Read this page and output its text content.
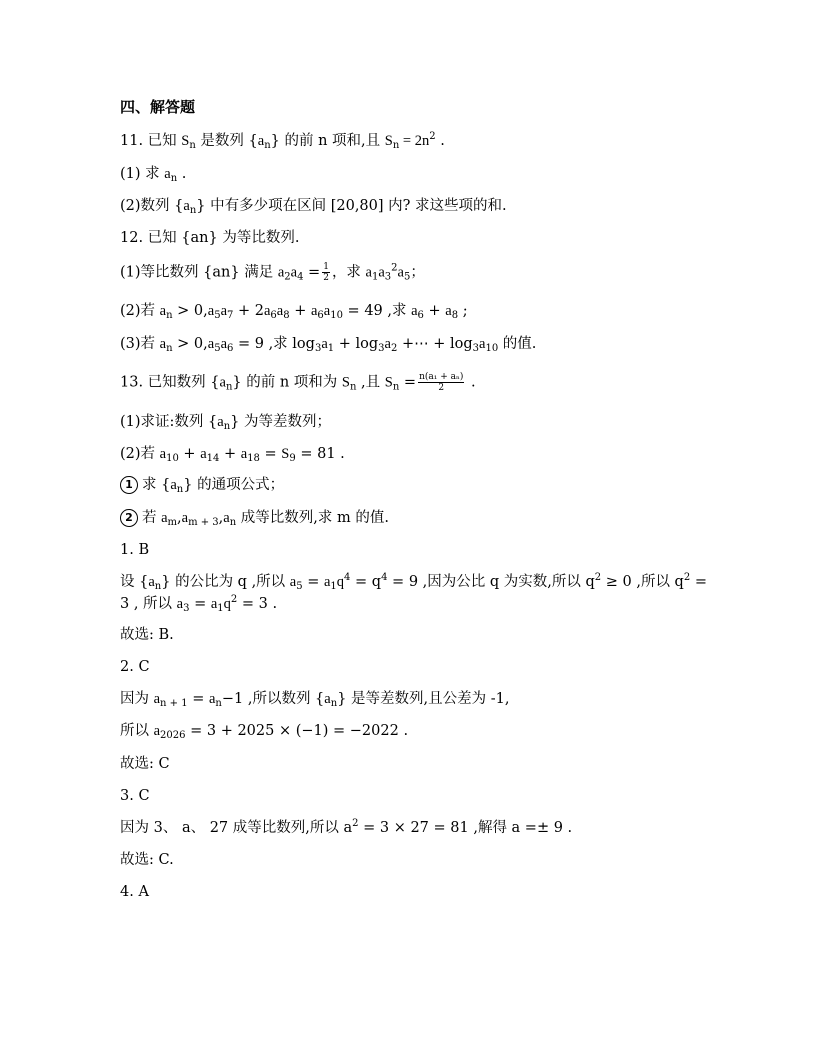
四、解答题
11. 已知 $S_n$ 是数列 $\{a_n\}$ 的前 n 项和,且 $S_n = 2n^2$ .
(1) 求 $a_n$ .
(2)数列 $\{a_n\}$ 中有多少项在区间 [20,80] 内? 求这些项的和.
12. 已知 {an} 为等比数列.
(1)等比数列 {an} 满足 $a_2a_4 = \frac{1}{2}$ ，求 $a_1a_3^2a_5$；
(2)若 $a_n > 0,a_5a_7 + 2a_6a_8 + a_6a_{10} = 49$ ,求 $a_6 + a_8$ ;
(3)若 $a_n > 0,a_5a_6 = 9$ ,求 $\log_3a_1 + \log_3a_2$ +⋯ + $\log_3a_{10}$ 的值.
13. 已知数列 $\{a_n\}$ 的前 n 项和为 $S_n$ ,且 $S_n = \frac{\text{n(a₁ + aₙ)}}{2}$ .
(1)求证:数列 $\{a_n\}$ 为等差数列；
(2)若 $a_{10} + a_{14} + a_{18} = S_9 = 81$ .
1 求 $\{a_n\}$ 的通项公式；
2 若 $a_m,a_{m + 3},a_n$ 成等比数列,求 m 的值.
1. B
设 $\{a_n\}$ 的公比为 q ,所以 $a_5 = a_1q^4 = q^4 = 9$ ,因为公比 q 为实数,所以 $q^2 \ge 0$ ,所以 $q^2$ =
3 , 所以 $a_3 = a_1q^2 = 3$ .
故选: B.
2. C
因为 $a_{n + 1} = a_n-1$ ,所以数列 $\{a_n\}$ 是等差数列,且公差为 -1,
所以 $a_{2026} = 3 + 2025 \times (-1) = -2022$ .
故选: C
3. C
因为 3、 a、 27 成等比数列,所以 $a^2 = 3 \times 27 = 81$ ,解得 a =± 9 .
故选: C.
4. A
